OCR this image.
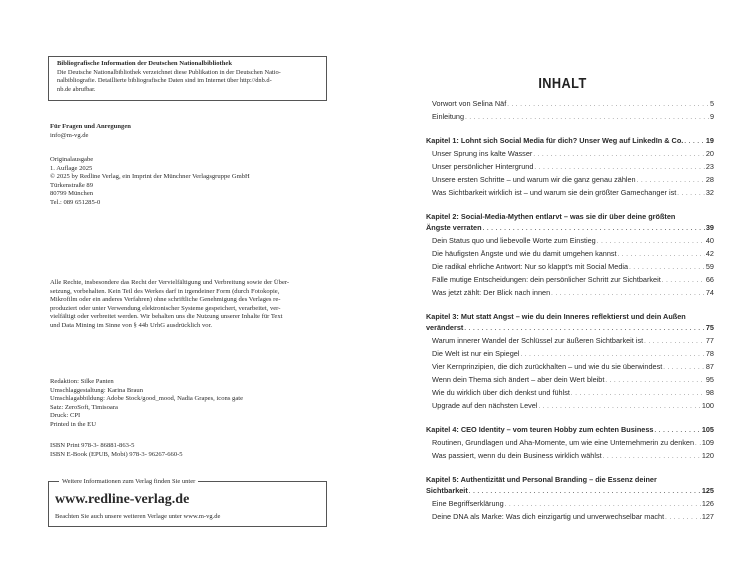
Bibliografische Information der Deutschen Nationalbibliothek
Die Deutsche Nationalbibliothek verzeichnet diese Publikation in der Deutschen Natio-
nalbibliografie. Detaillierte bibliografische Daten sind im Internet über http://dnb.d-
nb.de abrufbar.
Für Fragen und Anregungen
info@m-vg.de
Originalausgabe
1. Auflage 2025
© 2025 by Redline Verlag, ein Imprint der Münchner Verlagsgruppe GmbH
Türkenstraße 89
80799 München
Tel.: 089 651285-0
Alle Rechte, insbesondere das Recht der Vervielfältigung und Verbreitung sowie der Über-
setzung, vorbehalten. Kein Teil des Werkes darf in irgendeiner Form (durch Fotokopie,
Mikrofilm oder ein anderes Verfahren) ohne schriftliche Genehmigung des Verlages re-
produziert oder unter Verwendung elektronischer Systeme gespeichert, verarbeitet, ver-
vielfältigt oder verbreitet werden. Wir behalten uns die Nutzung unserer Inhalte für Text
und Data Mining im Sinne von § 44b UrhG ausdrücklich vor.
Redaktion: Silke Panten
Umschlaggestaltung: Karina Braun
Umschlagabbildung: Adobe Stock/good_mood, Nadia Grapes, icons gate
Satz: ZeroSoft, Timisoara
Druck: CPI
Printed in the EU
ISBN Print 978-3- 86881-863-5
ISBN E-Book (EPUB, Mobi) 978-3- 96267-660-5
Weitere Informationen zum Verlag finden Sie unter
www.redline-verlag.de
Beachten Sie auch unsere weiteren Verlage unter www.m-vg.de
INHALT
Vorwort von Selina Näf . . .	5
Einleitung . . .	9
Kapitel 1: Lohnt sich Social Media für dich? Unser Weg auf LinkedIn & Co. . . .	19
Unser Sprung ins kalte Wasser . . .	20
Unser persönlicher Hintergrund . . .	23
Unsere ersten Schritte – und warum wir die ganz genau zählen . . .	28
Was Sichtbarkeit wirklich ist – und warum sie dein größter Gamechanger ist . . .	32
Kapitel 2: Social-Media-Mythen entlarvt – was sie dir über deine größten
Ängste verraten . . .	39
Dein Status quo und liebevolle Worte zum Einstieg . . .	40
Die häufigsten Ängste und wie du damit umgehen kannst . . .	42
Die radikal ehrliche Antwort: Nur so klappt's mit Social Media . . .	59
Fälle mutige Entscheidungen: dein persönlicher Schritt zur Sichtbarkeit . . .	66
Was jetzt zählt: Der Blick nach innen . . .	74
Kapitel 3: Mut statt Angst – wie du dein Inneres reflektierst und dein Außen
veränderst . . .	75
Warum innerer Wandel der Schlüssel zur äußeren Sichtbarkeit ist . . .	77
Die Welt ist nur ein Spiegel . . .	78
Vier Kernprinzipien, die dich zurückhalten – und wie du sie überwindest . . .	87
Wenn dein Thema sich ändert – aber dein Wert bleibt . . .	95
Wie du wirklich über dich denkst und fühlst . . .	98
Upgrade auf den nächsten Level . . .	100
Kapitel 4: CEO Identity – vom teuren Hobby zum echten Business . . .	105
Routinen, Grundlagen und Aha-Momente, um wie eine Unternehmerin zu denken . . . 109
Was passiert, wenn du dein Business wirklich wählst . . .	120
Kapitel 5: Authentizität und Personal Branding – die Essenz deiner
Sichtbarkeit . . .	125
Eine Begriffserklärung . . .	126
Deine DNA als Marke: Was dich einzigartig und unverwechselbar macht . . .	127
